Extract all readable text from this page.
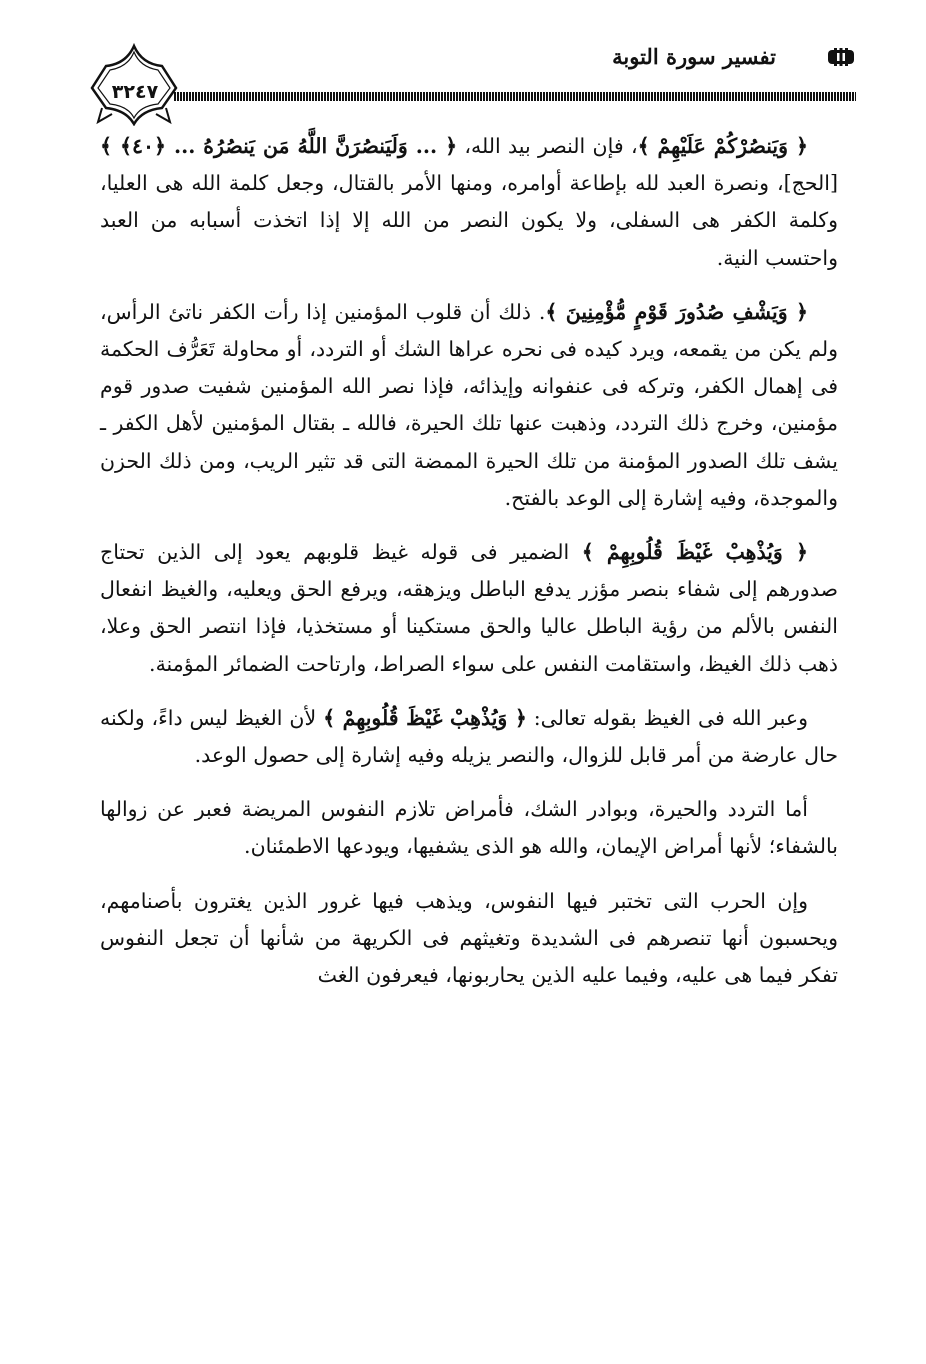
تفسير سورة التوبة
٣٢٤٧

﴿ وَيَنصُرْكُمْ عَلَيْهِمْ ﴾، فإن النصر بيد الله، ﴿ ... وَلَيَنصُرَنَّ اللَّهُ مَن يَنصُرُهُ ... ﴿٤٠﴾ ﴾ [الحج]، ونصرة العبد لله بإطاعة أوامره، ومنها الأمر بالقتال، وجعل كلمة الله هى العليا، وكلمة الكفر هى السفلى، ولا يكون النصر من الله إلا إذا اتخذت أسبابه من العبد واحتسب النية.

﴿ وَيَشْفِ صُدُورَ قَوْمٍ مُّؤْمِنِينَ ﴾. ذلك أن قلوب المؤمنين إذا رأت الكفر ناتئ الرأس، ولم يكن من يقمعه، ويرد كيده فى نحره عراها الشك أو التردد، أو محاولة تَعَرُّف الحكمة فى إهمال الكفر، وتركه فى عنفوانه وإيذائه، فإذا نصر الله المؤمنين شفيت صدور قوم مؤمنين، وخرج ذلك التردد، وذهبت عنها تلك الحيرة، فالله ـ بقتال المؤمنين لأهل الكفر ـ يشف تلك الصدور المؤمنة من تلك الحيرة الممضة التى قد تثير الريب، ومن ذلك الحزن والموجدة، وفيه إشارة إلى الوعد بالفتح.

﴿ وَيُذْهِبْ غَيْظَ قُلُوبِهِمْ ﴾ الضمير فى قوله غيظ قلوبهم يعود إلى الذين تحتاج صدورهم إلى شفاء بنصر مؤزر يدفع الباطل ويزهقه، ويرفع الحق ويعليه، والغيظ انفعال النفس بالألم من رؤية الباطل عاليا والحق مستكينا أو مستخذيا، فإذا انتصر الحق وعلا، ذهب ذلك الغيظ، واستقامت النفس على سواء الصراط، وارتاحت الضمائر المؤمنة.

وعبر الله فى الغيظ بقوله تعالى: ﴿ وَيُذْهِبْ غَيْظَ قُلُوبِهِمْ ﴾ لأن الغيظ ليس داءً، ولكنه حال عارضة من أمر قابل للزوال، والنصر يزيله وفيه إشارة إلى حصول الوعد.

أما التردد والحيرة، وبوادر الشك، فأمراض تلازم النفوس المريضة فعبر عن زوالها بالشفاء؛ لأنها أمراض الإيمان، والله هو الذى يشفيها، ويودعها الاطمئنان.

وإن الحرب التى تختبر فيها النفوس، ويذهب فيها غرور الذين يغترون بأصنامهم، ويحسبون أنها تنصرهم فى الشديدة وتغيثهم فى الكريهة من شأنها أن تجعل النفوس تفكر فيما هى عليه، وفيما عليه الذين يحاربونها، فيعرفون الغث
